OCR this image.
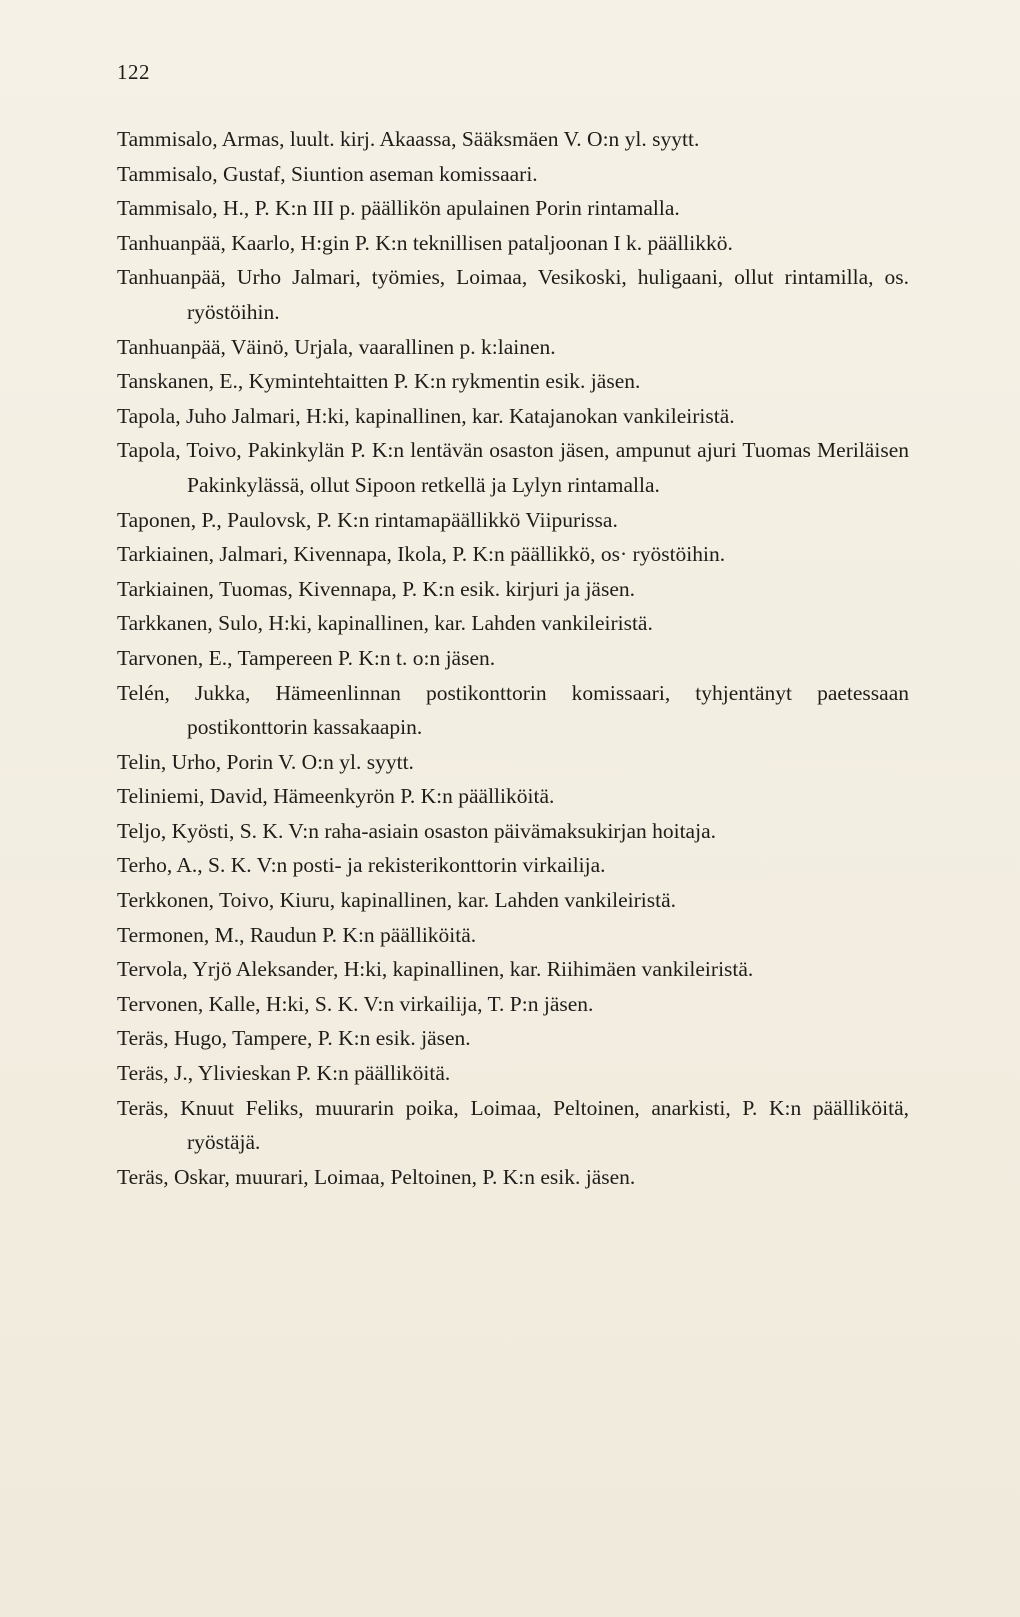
122
Tammisalo, Armas, luult. kirj. Akaassa, Sääksmäen V. O:n yl. syytt.
Tammisalo, Gustaf, Siuntion aseman komissaari.
Tammisalo, H., P. K:n III p. päällikön apulainen Porin rintamalla.
Tanhuanpää, Kaarlo, H:gin P. K:n teknillisen pataljoonan I k. päällikkö.
Tanhuanpää, Urho Jalmari, työmies, Loimaa, Vesikoski, huligaani, ollut rintamilla, os. ryöstöihin.
Tanhuanpää, Väinö, Urjala, vaarallinen p. k:lainen.
Tanskanen, E., Kymintehtaitten P. K:n rykmentin esik. jäsen.
Tapola, Juho Jalmari, H:ki, kapinallinen, kar. Katajanokan vankileiristä.
Tapola, Toivo, Pakinkylän P. K:n lentävän osaston jäsen, ampunut ajuri Tuomas Meriläisen Pakinkylässä, ollut Sipoon retkellä ja Lylyn rintamalla.
Taponen, P., Paulovsk, P. K:n rintamapäällikkö Viipurissa.
Tarkiainen, Jalmari, Kivennapa, Ikola, P. K:n päällikkö, os· ryöstöihin.
Tarkiainen, Tuomas, Kivennapa, P. K:n esik. kirjuri ja jäsen.
Tarkkanen, Sulo, H:ki, kapinallinen, kar. Lahden vankileiristä.
Tarvonen, E., Tampereen P. K:n t. o:n jäsen.
Telén, Jukka, Hämeenlinnan postikonttorin komissaari, tyhjentänyt paetessaan postikonttorin kassakaapin.
Telin, Urho, Porin V. O:n yl. syytt.
Teliniemi, David, Hämeenkyrön P. K:n päälliköitä.
Teljo, Kyösti, S. K. V:n raha-asiain osaston päivämaksukirjan hoitaja.
Terho, A., S. K. V:n posti- ja rekisterikonttorin virkailija.
Terkkonen, Toivo, Kiuru, kapinallinen, kar. Lahden vankileiristä.
Termonen, M., Raudun P. K:n päälliköitä.
Tervola, Yrjö Aleksander, H:ki, kapinallinen, kar. Riihimäen vankileiristä.
Tervonen, Kalle, H:ki, S. K. V:n virkailija, T. P:n jäsen.
Teräs, Hugo, Tampere, P. K:n esik. jäsen.
Teräs, J., Ylivieskan P. K:n päälliköitä.
Teräs, Knuut Feliks, muurarin poika, Loimaa, Peltoinen, anarkisti, P. K:n päälliköitä, ryöstäjä.
Teräs, Oskar, muurari, Loimaa, Peltoinen, P. K:n esik. jäsen.
